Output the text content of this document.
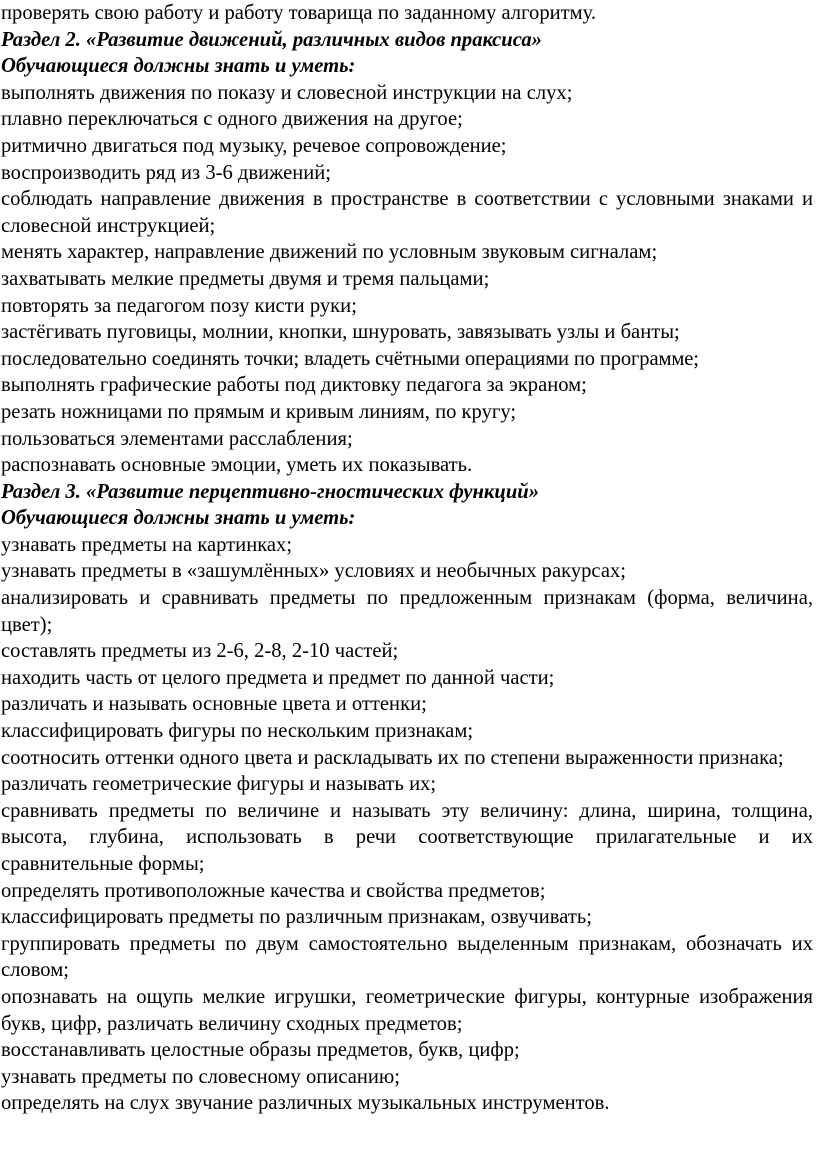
проверять свою работу и работу товарища по заданному алгоритму.

Раздел 2. «Развитие движений, различных видов праксиса»

Обучающиеся должны знать и уметь:

выполнять движения по показу и словесной инструкции на слух;

плавно переключаться с одного движения на другое;

ритмично двигаться под музыку, речевое сопровождение;

воспроизводить ряд из 3-6 движений;

соблюдать направление движения в пространстве в соответствии с условными знаками и словесной инструкцией;

менять характер, направление движений по условным звуковым сигналам;

захватывать мелкие предметы двумя и тремя пальцами;

повторять за педагогом позу кисти руки;

застёгивать пуговицы, молнии, кнопки, шнуровать, завязывать узлы и банты;

последовательно соединять точки; владеть счётными операциями по программе;

выполнять графические работы под диктовку педагога за экраном;

резать ножницами по прямым и кривым линиям, по кругу;

пользоваться элементами расслабления;

распознавать основные эмоции, уметь их показывать.

Раздел 3. «Развитие перцептивно-гностических функций»

Обучающиеся должны знать и уметь:

узнавать предметы на картинках;

узнавать предметы в «зашумлённых» условиях и необычных ракурсах;

анализировать и сравнивать предметы по предложенным признакам (форма, величина, цвет);

составлять предметы из 2-6, 2-8, 2-10 частей;

находить часть от целого предмета и предмет по данной части;

различать и называть основные цвета и оттенки;

классифицировать фигуры по нескольким признакам;

соотносить оттенки одного цвета и раскладывать их по степени выраженности признака;

различать геометрические фигуры и называть их;

сравнивать предметы по величине и называть эту величину: длина, ширина, толщина, высота, глубина, использовать в речи соответствующие прилагательные и их сравнительные формы;

определять противоположные качества и свойства предметов;

классифицировать предметы по различным признакам, озвучивать;

группировать предметы по двум самостоятельно выделенным признакам, обозначать их словом;

опознавать на ощупь мелкие игрушки, геометрические фигуры, контурные изображения букв, цифр, различать величину сходных предметов;

восстанавливать целостные образы предметов, букв, цифр;

узнавать предметы по словесному описанию;

определять на слух звучание различных музыкальных инструментов.
